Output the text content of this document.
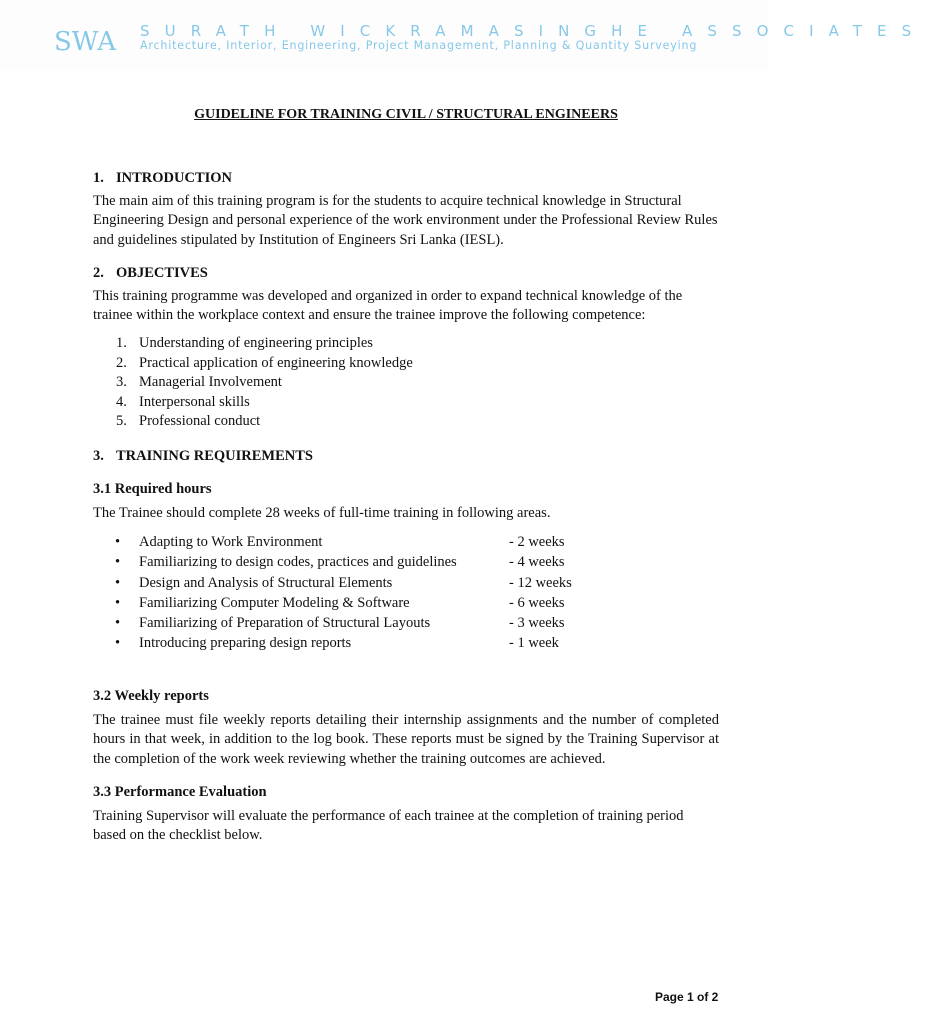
SWA SURATH WICKRAMASINGHE ASSOCIATES
Architecture, Interior, Engineering, Project Management, Planning & Quantity Surveying
GUIDELINE FOR TRAINING CIVIL / STRUCTURAL ENGINEERS
1. INTRODUCTION
The main aim of this training program is for the students to acquire technical knowledge in Structural Engineering Design and personal experience of the work environment under the Professional Review Rules and guidelines stipulated by Institution of Engineers Sri Lanka (IESL).
2. OBJECTIVES
This training programme was developed and organized in order to expand technical knowledge of the trainee within the workplace context and ensure the trainee improve the following competence:
1. Understanding of engineering principles
2. Practical application of engineering knowledge
3. Managerial Involvement
4. Interpersonal skills
5. Professional conduct
3. TRAINING REQUIREMENTS
3.1 Required hours
The Trainee should complete 28 weeks of full-time training in following areas.
• Adapting to Work Environment	- 2 weeks
• Familiarizing to design codes, practices and guidelines	- 4 weeks
• Design and Analysis of Structural Elements	- 12 weeks
• Familiarizing Computer Modeling & Software	- 6 weeks
• Familiarizing of Preparation of Structural Layouts	- 3 weeks
• Introducing preparing design reports	- 1 week
3.2 Weekly reports
The trainee must file weekly reports detailing their internship assignments and the number of completed hours in that week, in addition to the log book. These reports must be signed by the Training Supervisor at the completion of the work week reviewing whether the training outcomes are achieved.
3.3 Performance Evaluation
Training Supervisor will evaluate the performance of each trainee at the completion of training period based on the checklist below.
Page 1 of 2
